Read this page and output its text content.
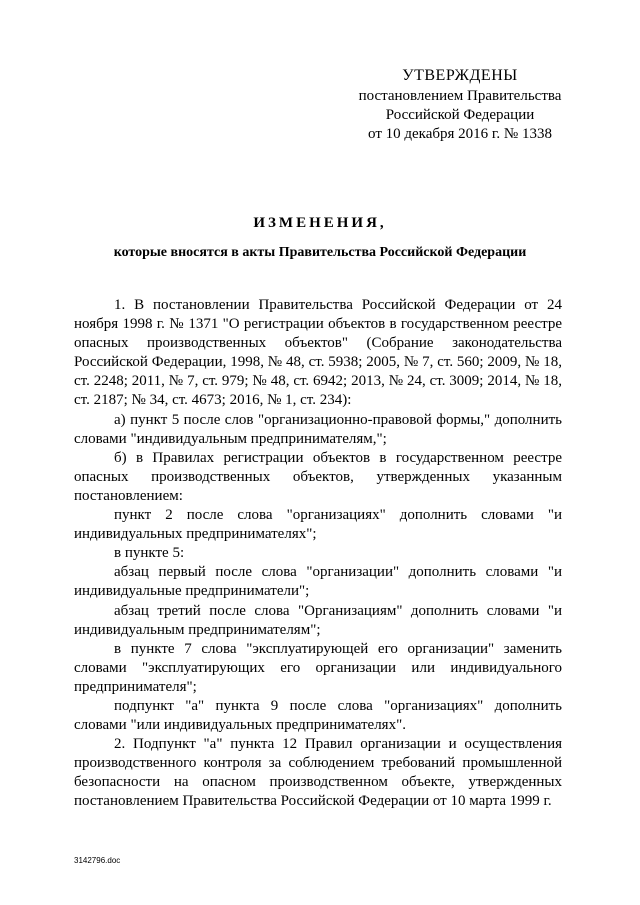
УТВЕРЖДЕНЫ
постановлением Правительства
Российской Федерации
от 10 декабря 2016 г. № 1338
ИЗМЕНЕНИЯ,
которые вносятся в акты Правительства Российской Федерации

1. В постановлении Правительства Российской Федерации от 24 ноября 1998 г. № 1371 "О регистрации объектов в государственном реестре опасных производственных объектов" (Собрание законодательства Российской Федерации, 1998, № 48, ст. 5938; 2005, № 7, ст. 560; 2009, № 18, ст. 2248; 2011, № 7, ст. 979; № 48, ст. 6942; 2013, № 24, ст. 3009; 2014, № 18, ст. 2187; № 34, ст. 4673; 2016, № 1, ст. 234):

а) пункт 5 после слов "организационно-правовой формы," дополнить словами "индивидуальным предпринимателям,";

б) в Правилах регистрации объектов в государственном реестре опасных производственных объектов, утвержденных указанным постановлением:

пункт 2 после слова "организациях" дополнить словами "и индивидуальных предпринимателях";

в пункте 5:

абзац первый после слова "организации" дополнить словами "и индивидуальные предприниматели";

абзац третий после слова "Организациям" дополнить словами "и индивидуальным предпринимателям";

в пункте 7 слова "эксплуатирующей его организации" заменить словами "эксплуатирующих его организации или индивидуального предпринимателя";

подпункт "а" пункта 9 после слова "организациях" дополнить словами "или индивидуальных предпринимателях".

2. Подпункт "а" пункта 12 Правил организации и осуществления производственного контроля за соблюдением требований промышленной безопасности на опасном производственном объекте, утвержденных постановлением Правительства Российской Федерации от 10 марта 1999 г.

3142796.doc
